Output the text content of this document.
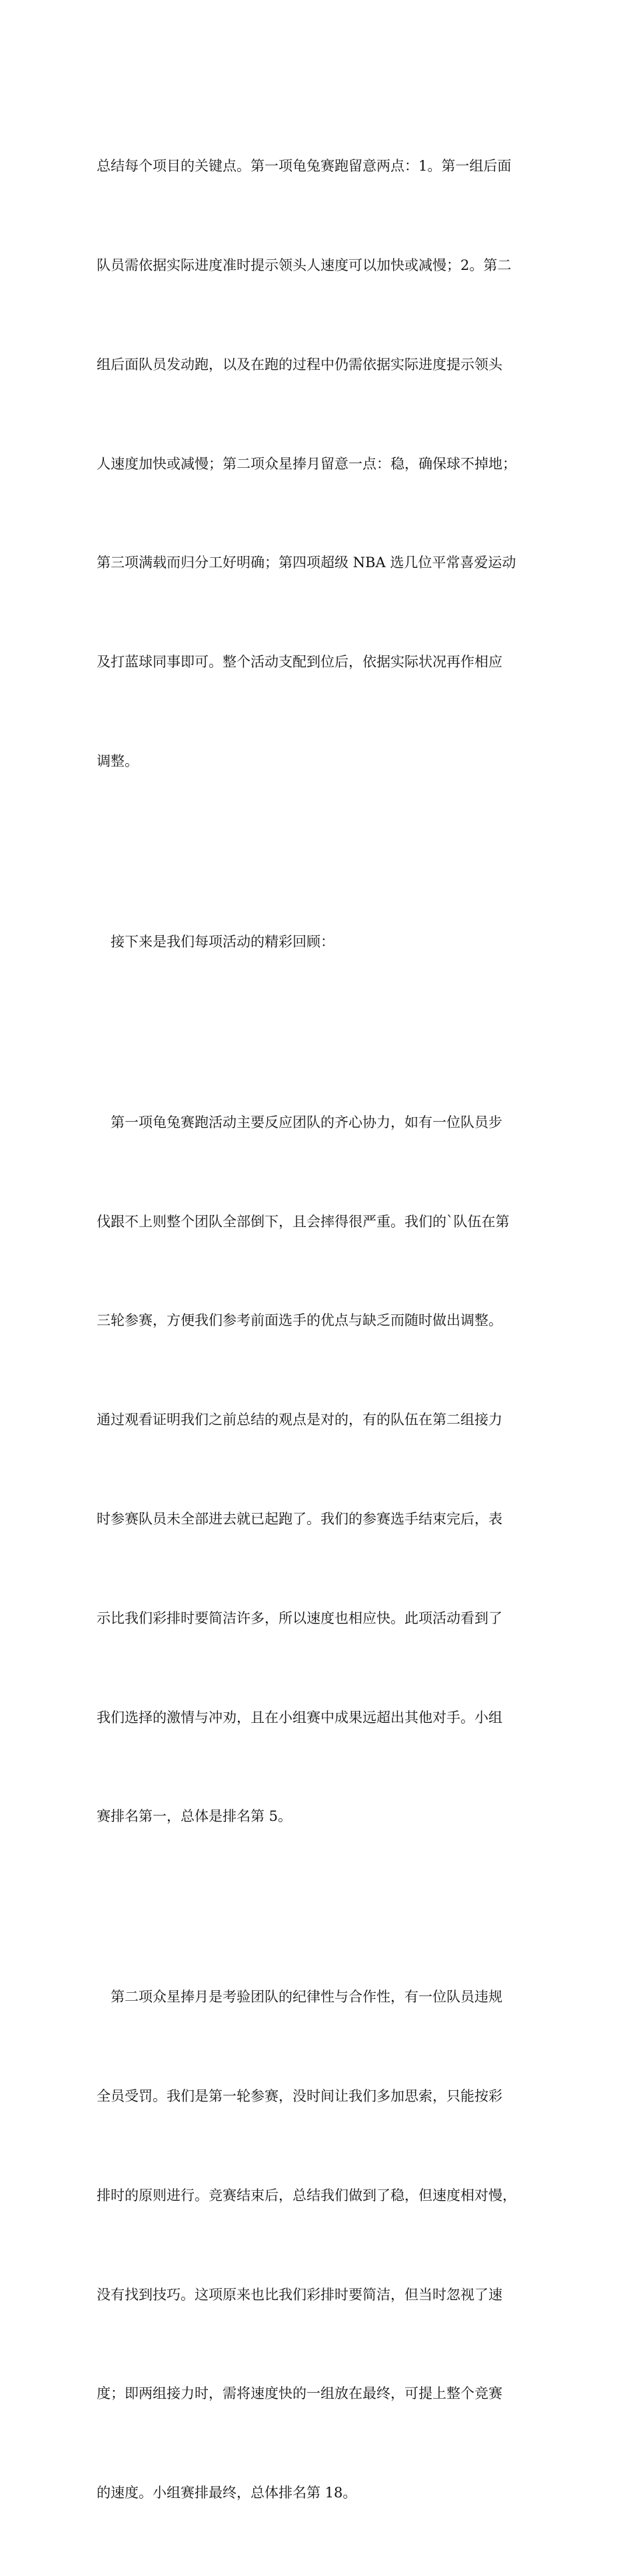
总结每个项目的关键点。第一项龟兔赛跑留意两点：1。第一组后面

队员需依据实际进度准时提示领头人速度可以加快或减慢；2。第二

组后面队员发动跑，以及在跑的过程中仍需依据实际进度提示领头

人速度加快或减慢；第二项众星捧月留意一点：稳，确保球不掉地；

第三项满载而归分工好明确；第四项超级 NBA 选几位平常喜爱运动

及打蓝球同事即可。整个活动支配到位后，依据实际状况再作相应

调整。

接下来是我们每项活动的精彩回顾：

第一项龟兔赛跑活动主要反应团队的齐心协力，如有一位队员步

伐跟不上则整个团队全部倒下，且会摔得很严重。我们的`队伍在第

三轮参赛，方便我们参考前面选手的优点与缺乏而随时做出调整。

通过观看证明我们之前总结的观点是对的，有的队伍在第二组接力

时参赛队员未全部进去就已起跑了。我们的参赛选手结束完后，表

示比我们彩排时要简洁许多，所以速度也相应快。此项活动看到了

我们选择的激情与冲劝，且在小组赛中成果远超出其他对手。小组

赛排名第一，总体是排名第 5。

第二项众星捧月是考验团队的纪律性与合作性，有一位队员违规

全员受罚。我们是第一轮参赛，没时间让我们多加思索，只能按彩

排时的原则进行。竞赛结束后，总结我们做到了稳，但速度相对慢，

没有找到技巧。这项原来也比我们彩排时要简洁，但当时忽视了速

度；即两组接力时，需将速度快的一组放在最终，可提上整个竞赛

的速度。小组赛排最终，总体排名第 18。
